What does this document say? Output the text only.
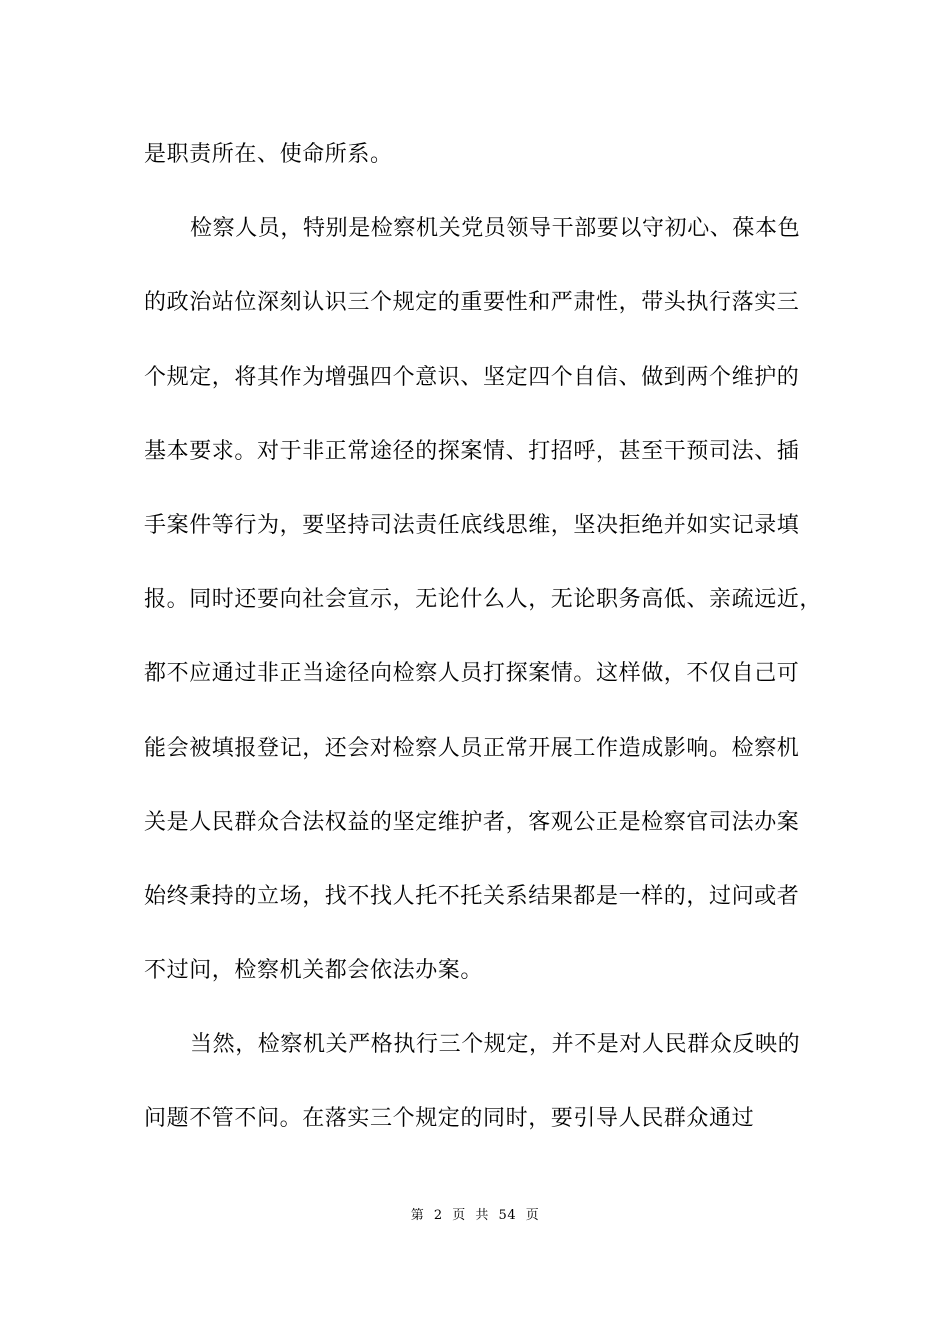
是职责所在、使命所系。
检察人员，特别是检察机关党员领导干部要以守初心、葆本色
的政治站位深刻认识三个规定的重要性和严肃性，带头执行落实三
个规定，将其作为增强四个意识、坚定四个自信、做到两个维护的
基本要求。对于非正常途径的探案情、打招呼，甚至干预司法、插
手案件等行为，要坚持司法责任底线思维，坚决拒绝并如实记录填
报。同时还要向社会宣示，无论什么人，无论职务高低、亲疏远近，
都不应通过非正当途径向检察人员打探案情。这样做，不仅自己可
能会被填报登记，还会对检察人员正常开展工作造成影响。检察机
关是人民群众合法权益的坚定维护者，客观公正是检察官司法办案
始终秉持的立场，找不找人托不托关系结果都是一样的，过问或者
不过问，检察机关都会依法办案。
当然，检察机关严格执行三个规定，并不是对人民群众反映的
问题不管不问。在落实三个规定的同时，要引导人民群众通过
第 2 页 共 54 页
